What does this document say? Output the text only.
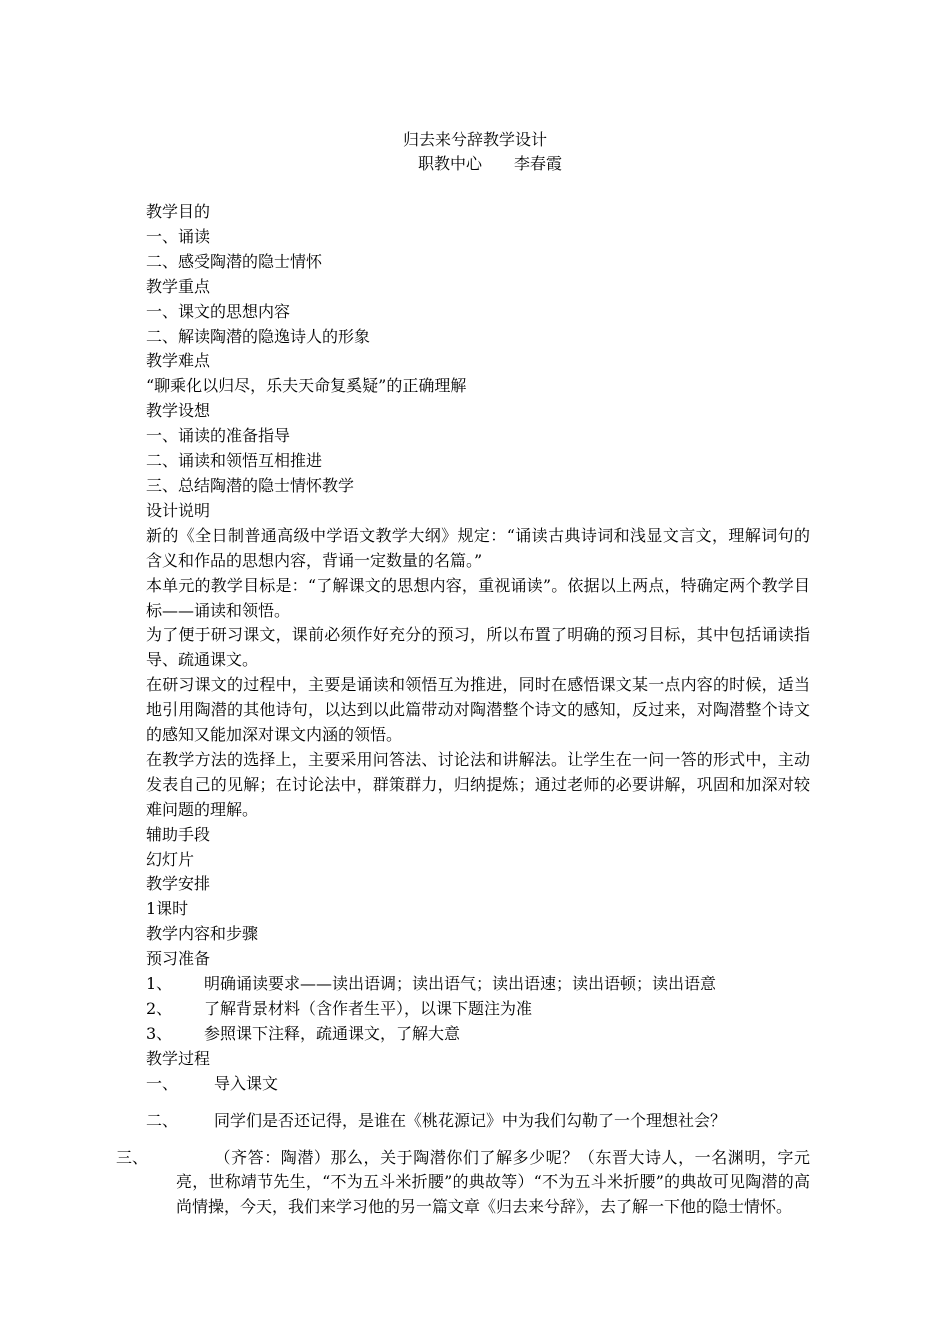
归去来兮辞教学设计
职教中心　　李春霞
教学目的
一、诵读
二、感受陶潜的隐士情怀
教学重点
一、课文的思想内容
二、解读陶潜的隐逸诗人的形象
教学难点
“聊乘化以归尽，乐夫天命复奚疑”的正确理解
教学设想
一、诵读的准备指导
二、诵读和领悟互相推进
三、总结陶潜的隐士情怀教学
设计说明
新的《全日制普通高级中学语文教学大纲》规定：“诵读古典诗词和浅显文言文，理解词句的含义和作品的思想内容，背诵一定数量的名篇。”
本单元的教学目标是：“了解课文的思想内容，重视诵读”。依据以上两点，特确定两个教学目标——诵读和领悟。
为了便于研习课文，课前必须作好充分的预习，所以布置了明确的预习目标，其中包括诵读指导、疏通课文。
在研习课文的过程中，主要是诵读和领悟互为推进，同时在感悟课文某一点内容的时候，适当地引用陶潜的其他诗句，以达到以此篇带动对陶潜整个诗文的感知，反过来，对陶潜整个诗文的感知又能加深对课文内涵的领悟。
在教学方法的选择上，主要采用问答法、讨论法和讲解法。让学生在一问一答的形式中，主动发表自己的见解；在讨论法中，群策群力，归纳提炼；通过老师的必要讲解，巩固和加深对较难问题的理解。
辅助手段
幻灯片
教学安排
1课时
教学内容和步骤
预习准备
1、 明确诵读要求——读出语调；读出语气；读出语速；读出语顿；读出语意
2、 了解背景材料（含作者生平），以课下题注为准
3、 参照课下注释，疏通课文，了解大意
教学过程
一、 导入课文
二、 同学们是否还记得，是谁在《桃花源记》中为我们勾勒了一个理想社会？
三、	（齐答：陶潜）那么，关于陶潜你们了解多少呢？（东晋大诗人，一名渊明，字元亮，世称靖节先生，“不为五斗米折腰”的典故等）“不为五斗米折腰”的典故可见陶潜的高尚情操，今天，我们来学习他的另一篇文章《归去来兮辞》，去了解一下他的隐士情怀。
